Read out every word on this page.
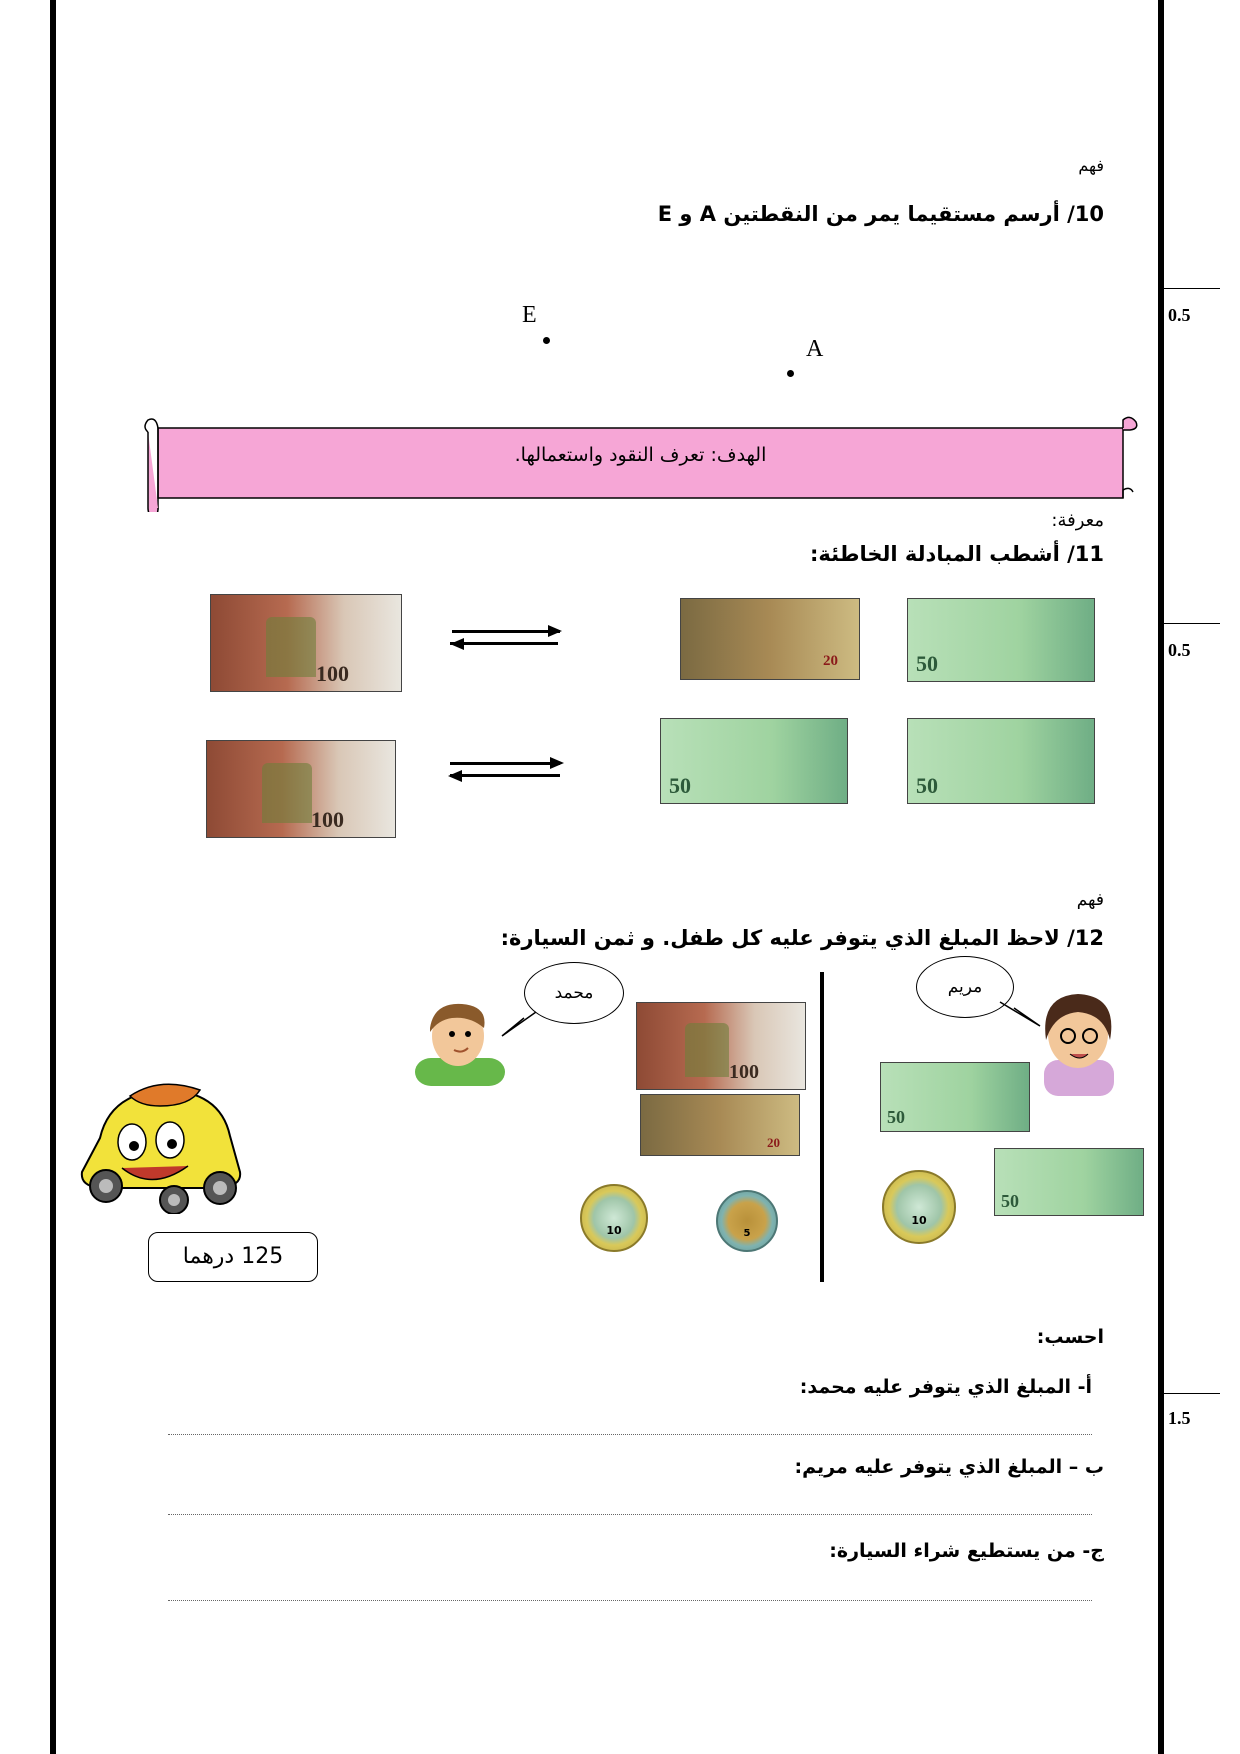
0.5
0.5
1.5
فهم
10/ أرسم مستقيما يمر من النقطتين A و E
E
A
الهدف: تعرف النقود واستعمالها.
معرفة:
11/ أشطب المبادلة الخاطئة:
100	20	50
100
50	50
فهم
12/ لاحظ المبلغ الذي يتوفر عليه كل طفل. و ثمن السيارة:
محمد
100
20
10	5
مريم
50
50
10
125 درهما
احسب:
أ- المبلغ الذي يتوفر عليه محمد:
ب – المبلغ الذي يتوفر عليه مريم:
ج- من يستطيع شراء السيارة:
